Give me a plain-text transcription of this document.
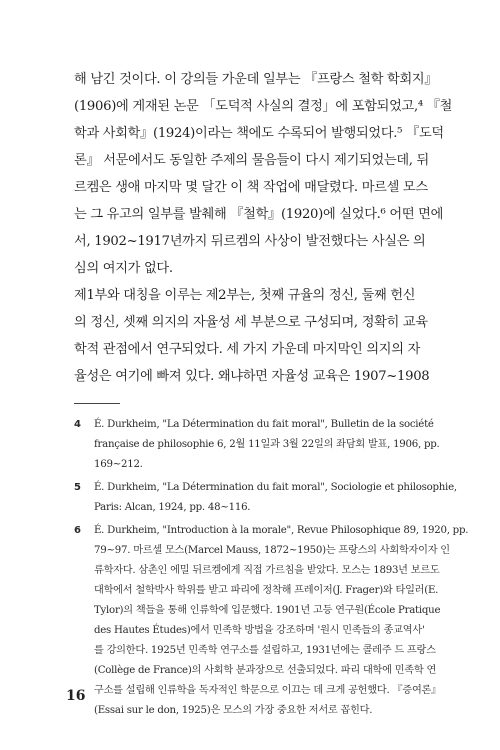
해 남긴 것이다. 이 강의들 가운데 일부는 『프랑스 철학 학회지』
(1906)에 게재된 논문 「도덕적 사실의 결정」에 포함되었고,⁴ 『철
학과 사회학』(1924)이라는 책에도 수록되어 발행되었다.⁵ 『도덕
론』 서문에서도 동일한 주제의 물음들이 다시 제기되었는데, 뒤
르켐은 생애 마지막 몇 달간 이 책 작업에 매달렸다. 마르셀 모스
는 그 유고의 일부를 발췌해 『철학』(1920)에 실었다.⁶ 어떤 면에
서, 1902~1917년까지 뒤르켐의 사상이 발전했다는 사실은 의
심의 여지가 없다.
제1부와 대칭을 이루는 제2부는, 첫째 규율의 정신, 둘째 헌신
의 정신, 셋째 의지의 자율성 세 부분으로 구성되며, 정확히 교육
학적 관점에서 연구되었다. 세 가지 가운데 마지막인 의지의 자
율성은 여기에 빠져 있다. 왜냐하면 자율성 교육은 1907~1908
4 É. Durkheim, "La Détermination du fait moral", Bulletin de la société
française de philosophie 6, 2월 11일과 3월 22일의 좌담회 발표, 1906, pp.
169~212.
5 É. Durkheim, "La Détermination du fait moral", Sociologie et philosophie,
Paris: Alcan, 1924, pp. 48~116.
6 É. Durkheim, "Introduction à la morale", Revue Philosophique 89, 1920, pp.
79~97. 마르셀 모스(Marcel Mauss, 1872~1950)는 프랑스의 사회학자이자 인
류학자다. 삼촌인 에밀 뒤르켐에게 직접 가르침을 받았다. 모스는 1893년 보르도
대학에서 철학박사 학위를 받고 파리에 정착해 프레이저(J. Frager)와 타일러(E.
Tylor)의 책들을 통해 인류학에 입문했다. 1901년 고등 연구원(École Pratique
des Hautes Études)에서 민족학 방법을 강조하며 '원시 민족들의 종교역사'
를 강의한다. 1925년 민족학 연구소를 설립하고, 1931년에는 콜레주 드 프랑스
(Collège de France)의 사회학 분과장으로 선출되었다. 파리 대학에 민족학 연
구소를 설립해 인류학을 독자적인 학문으로 이끄는 데 크게 공헌했다. 『증여론』
(Essai sur le don, 1925)은 모스의 가장 중요한 저서로 꼽힌다.
16
